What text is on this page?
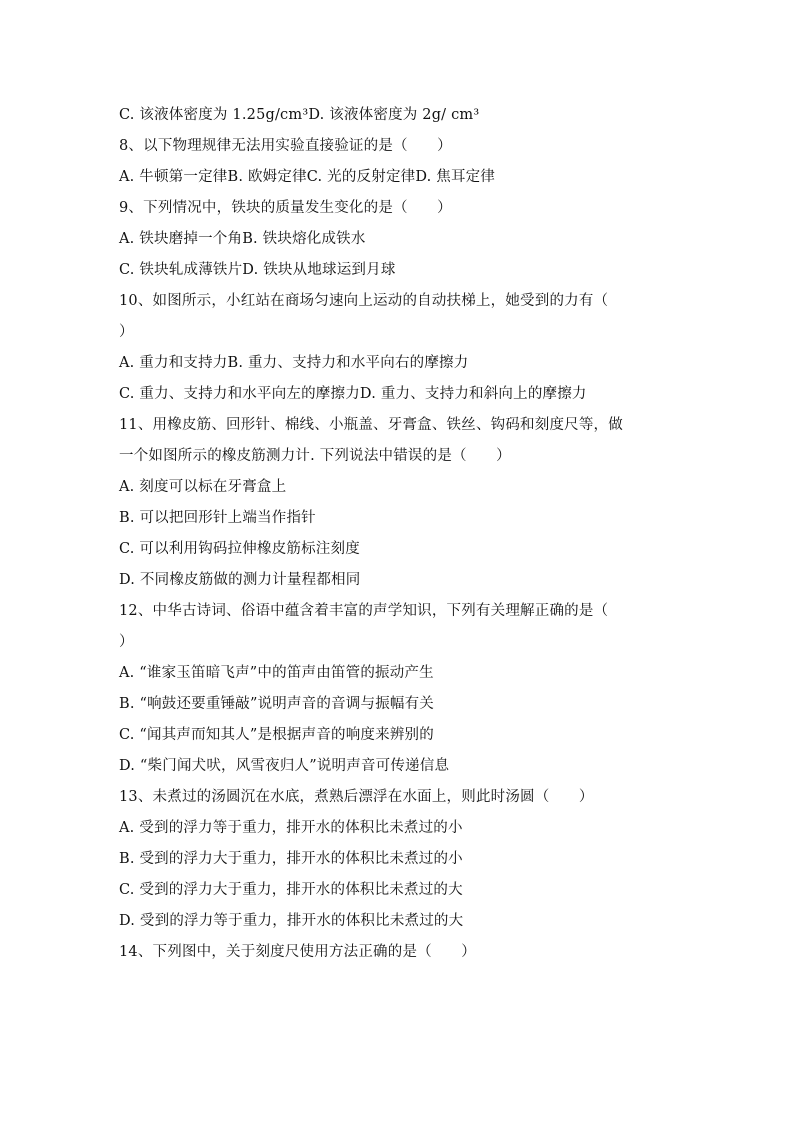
C. 该液体密度为 1.25g/cm³D. 该液体密度为 2g/ cm³
8、以下物理规律无法用实验直接验证的是（　　）
A. 牛顿第一定律B. 欧姆定律C. 光的反射定律D. 焦耳定律
9、下列情况中，铁块的质量发生变化的是（　　）
A. 铁块磨掉一个角B. 铁块熔化成铁水
C. 铁块轧成薄铁片D. 铁块从地球运到月球
10、如图所示，小红站在商场匀速向上运动的自动扶梯上，她受到的力有（
）
A. 重力和支持力B. 重力、支持力和水平向右的摩擦力
C. 重力、支持力和水平向左的摩擦力D. 重力、支持力和斜向上的摩擦力
11、用橡皮筋、回形针、棉线、小瓶盖、牙膏盒、铁丝、钩码和刻度尺等，做
一个如图所示的橡皮筋测力计. 下列说法中错误的是（　　）
A. 刻度可以标在牙膏盒上
B. 可以把回形针上端当作指针
C. 可以利用钩码拉伸橡皮筋标注刻度
D. 不同橡皮筋做的测力计量程都相同
12、中华古诗词、俗语中蕴含着丰富的声学知识，下列有关理解正确的是（
）
A. “谁家玉笛暗飞声”中的笛声由笛管的振动产生
B. “响鼓还要重锤敲”说明声音的音调与振幅有关
C. “闻其声而知其人”是根据声音的响度来辨别的
D. “柴门闻犬吠，风雪夜归人”说明声音可传递信息
13、未煮过的汤圆沉在水底，煮熟后漂浮在水面上，则此时汤圆（　　）
A. 受到的浮力等于重力，排开水的体积比未煮过的小
B. 受到的浮力大于重力，排开水的体积比未煮过的小
C. 受到的浮力大于重力，排开水的体积比未煮过的大
D. 受到的浮力等于重力，排开水的体积比未煮过的大
14、下列图中，关于刻度尺使用方法正确的是（　　）
